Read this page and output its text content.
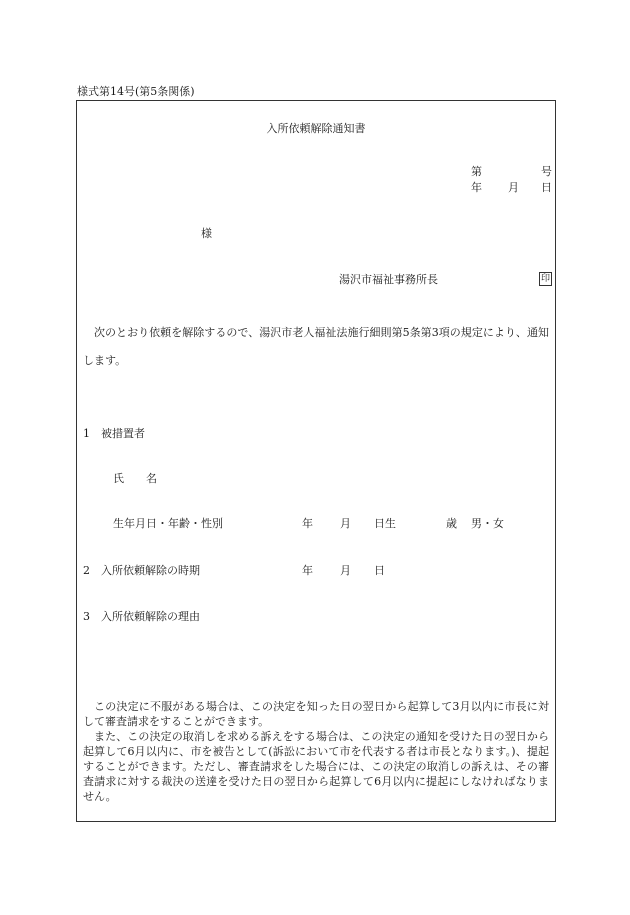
様式第14号(第5条関係)
入所依頼解除通知書
第	号
年 月 日
様
湯沢市福祉事務所長	印

次のとおり依頼を解除するので、湯沢市老人福祉法施行細則第5条第3項の規定により、通知します。

1　被措置者
氏　　名
生年月日・年齢・性別	年 月 日生	歳 男・女
2　入所依頼解除の時期	年 月 日
3　入所依頼解除の理由

この決定に不服がある場合は、この決定を知った日の翌日から起算して3月以内に市長に対して審査請求をすることができます。

また、この決定の取消しを求める訴えをする場合は、この決定の通知を受けた日の翌日から起算して6月以内に、市を被告として(訴訟において市を代表する者は市長となります。)、提起することができます。ただし、審査請求をした場合には、この決定の取消しの訴えは、その審査請求に対する裁決の送達を受けた日の翌日から起算して6月以内に提起にしなければなりません。
